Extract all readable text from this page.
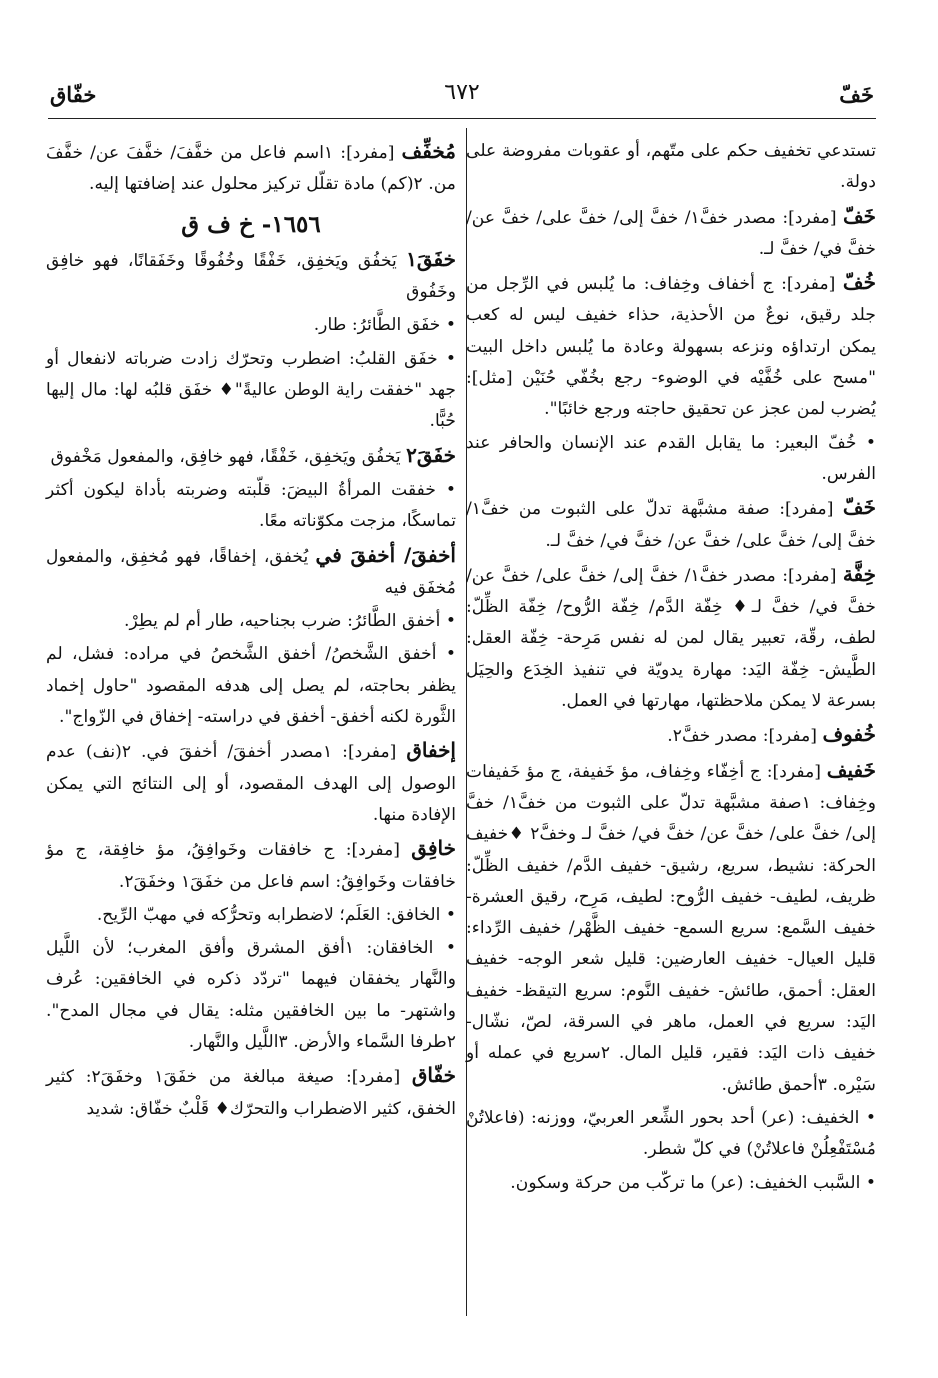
خَفّ
٦٧٢
خفّاق

تستدعي تخفيف حكم على متّهم، أو عقوبات مفروضة على دولة.

خَفّ [مفرد]: مصدر خفَّ١/ خفَّ إلى/ خفَّ على/ خفَّ عن/ خفَّ في/ خفَّ لـ.

خُفّ [مفرد]: ج أخفاف وخِفاف: ما يُلبس في الرِّجل من جلد رقيق، نوعٌ من الأحذية، حذاء خفيف ليس له كعب يمكن ارتداؤه ونزعه بسهولة وعادة ما يُلبس داخل البيت "مسح على خُفَّيْه في الوضوء- رجع بخُفّي حُنَيْن [مثل]: يُضرب لمن عجز عن تحقيق حاجته ورجع خائبًا".

• خُفّ البعير: ما يقابل القدم عند الإنسان والحافر عند الفرس.

خَفّ [مفرد]: صفة مشبَّهة تدلّ على الثبوت من خفَّ١/ خفَّ إلى/ خفَّ على/ خفَّ عن/ خفَّ في/ خفَّ لـ.

خِفَّة [مفرد]: مصدر خفَّ١/ خفَّ إلى/ خفَّ على/ خفَّ عن/ خفَّ في/ خفَّ لـ♦ خِفّة الدَّم/ خِفّة الرُّوح/ خِفّة الظِّلّ: لطف، رقّة، تعبير يقال لمن له نفس مَرِحة- خِفّة العقل: الطَّيش- خِفّة اليَد: مهارة يدويّة في تنفيذ الخِدَع والحِيَل بسرعة لا يمكن ملاحظتها، مهارتها في العمل.

خُفوف [مفرد]: مصدر خفَّ٢.

خَفيف [مفرد]: ج أخِفّاء وخِفاف، مؤ خَفيفة، ج مؤ خَفيفات وخِفاف: ١صفة مشبَّهة تدلّ على الثبوت من خفَّ١/ خفَّ إلى/ خفَّ على/ خفَّ عن/ خفَّ في/ خفَّ لـ وخفَّ٢ ♦خفيف الحركة: نشيط، سريع، رشيق- خفيف الدَّم/ خفيف الظِّلّ: ظريف، لطيف- خفيف الرُّوح: لطيف، مَرِح، رقيق العشرة- خفيف السَّمع: سريع السمع- خفيف الظَّهْر/ خفيف الرِّداء: قليل العيال- خفيف العارضين: قليل شعر الوجه- خفيف العقل: أحمق، طائش- خفيف النَّوم: سريع التيقظ- خفيف اليَد: سريع في العمل، ماهر في السرقة، لصّ، نشّال- خفيف ذات اليَد: فقير، قليل المال. ٢سريع في عمله أو سَيْره. ٣أحمق طائش.

• الخفيف: (عر) أحد بحور الشِّعر العربيّ، ووزنه: (فاعلاتُنْ مُسْتَفْعِلُنْ فاعلاتُنْ) في كلّ شطر.

• السَّبب الخفيف: (عر) ما تركّب من حركة وسكون.

مُخفِّف [مفرد]: ١اسم فاعل من خفَّفَ/ خفَّفَ عن/ خفَّفَ من. ٢(كم) مادة تقلّل تركيز محلول عند إضافتها إليه.

١٦٥٦- خ ف ق

خفَقَ١ يَخفُق ويَخفِق، خَفْقًا وخُفُوقًا وخَفَقانًا، فهو خافِق وخَفُوق

• خفَق الطَّائرُ: طار.

• خفَق القلبُ: اضطرب وتحرّك زادت ضرباته لانفعال أو جهد "خفقت راية الوطن عاليةً"♦ خفَق قلبُه لها: مال إليها حُبًّا.

خفَقَ٢ يَخفُق ويَخفِق، خَفْقًا، فهو خافِق، والمفعول مَخْفوق

• خفقت المرأةُ البيضَ: قلّبته وضربته بأداة ليكون أكثر تماسكًا، مزجت مكوّناته معًا.

أخفقَ/ أخفقَ في يُخفق، إخفاقًا، فهو مُخفِق، والمفعول مُخفَق فيه

• أخفق الطَّائرُ: ضرب بجناحيه، طار أم لم يطِرْ.

• أخفق الشَّخصُ/ أخفق الشَّخصُ في مراده: فشل، لم يظفر بحاجته، لم يصل إلى هدفه المقصود "حاول إخماد الثَّورة لكنه أخفق- أخفق في دراسته- إخفاق في الزّواج".

إخفاق [مفرد]: ١مصدر أخفقَ/ أخفقَ في. ٢(نف) عدم الوصول إلى الهدف المقصود، أو إلى النتائج التي يمكن الإفادة منها.

خافِق [مفرد]: ج خافقات وخَوافِقُ، مؤ خافِقة، ج مؤ خافقات وخَوافِقُ: اسم فاعل من خفَقَ١ وخفَقَ٢.

• الخافق: العَلَم؛ لاضطرابه وتحرُّكه في مهبّ الرِّيح.

• الخافقان: ١أفق المشرق وأفق المغرب؛ لأن اللَّيل والنَّهار يخفقان فيهما "تردّد ذكره في الخافقين: عُرف واشتهر- ما بين الخافقين مثله: يقال في مجال المدح". ٢طرفا السَّماء والأرض. ٣اللَّيل والنَّهار.

خفّاق [مفرد]: صيغة مبالغة من خفَقَ١ وخفَقَ٢: كثير الخفق، كثير الاضطراب والتحرّك♦ قَلْبٌ خفّاق: شديد
